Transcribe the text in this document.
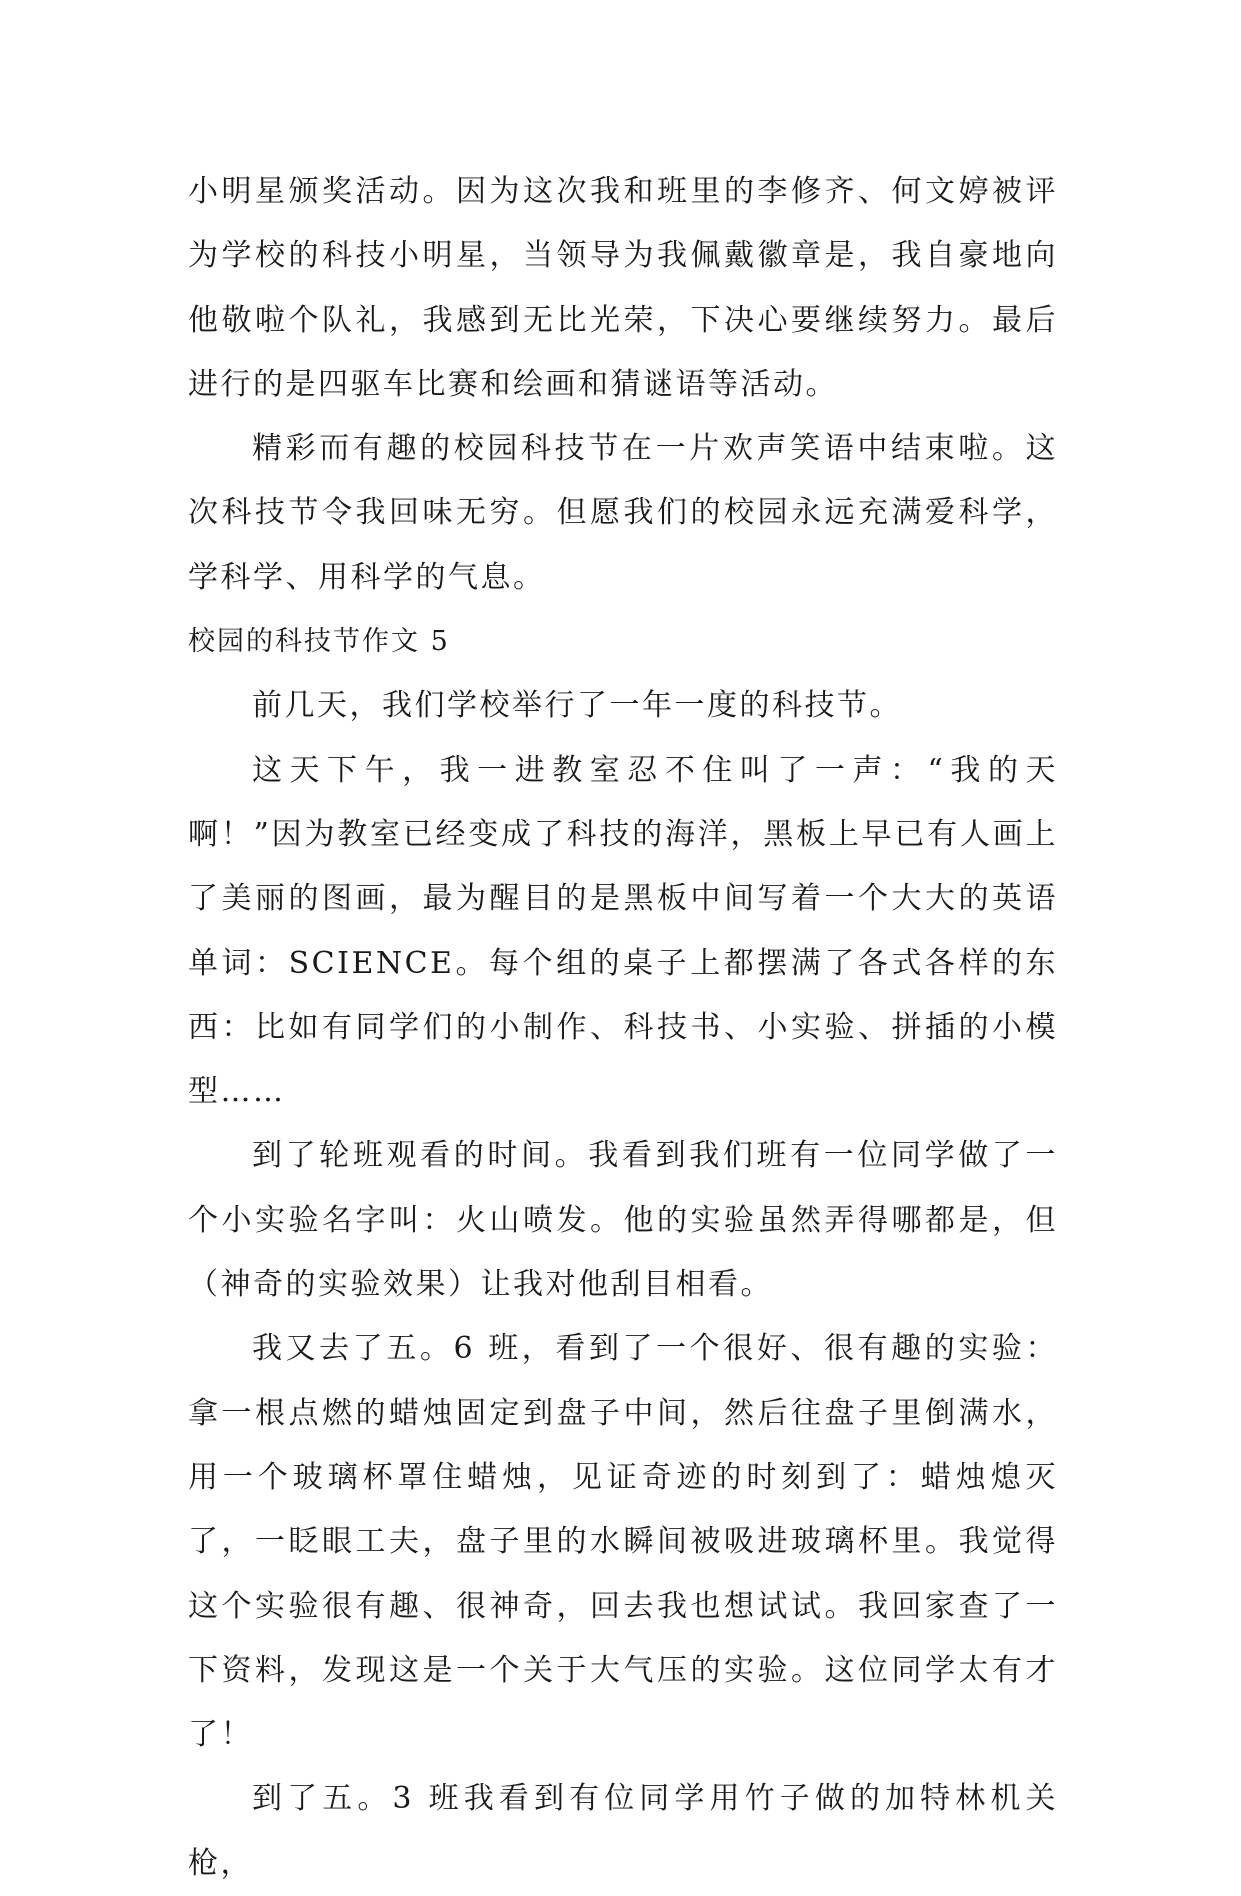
小明星颁奖活动。因为这次我和班里的李修齐、何文婷被评为学校的科技小明星，当领导为我佩戴徽章是，我自豪地向他敬啦个队礼，我感到无比光荣，下决心要继续努力。最后进行的是四驱车比赛和绘画和猜谜语等活动。

精彩而有趣的校园科技节在一片欢声笑语中结束啦。这次科技节令我回味无穷。但愿我们的校园永远充满爱科学，学科学、用科学的气息。

校园的科技节作文 5

前几天，我们学校举行了一年一度的科技节。

这天下午，我一进教室忍不住叫了一声：“我的天啊！”因为教室已经变成了科技的海洋，黑板上早已有人画上了美丽的图画，最为醒目的是黑板中间写着一个大大的英语单词：SCIENCE。每个组的桌子上都摆满了各式各样的东西：比如有同学们的小制作、科技书、小实验、拼插的小模型……

到了轮班观看的时间。我看到我们班有一位同学做了一个小实验名字叫：火山喷发。他的实验虽然弄得哪都是，但（神奇的实验效果）让我对他刮目相看。

我又去了五。6 班，看到了一个很好、很有趣的实验：拿一根点燃的蜡烛固定到盘子中间，然后往盘子里倒满水，用一个玻璃杯罩住蜡烛，见证奇迹的时刻到了：蜡烛熄灭了，一眨眼工夫，盘子里的水瞬间被吸进玻璃杯里。我觉得这个实验很有趣、很神奇，回去我也想试试。我回家查了一下资料，发现这是一个关于大气压的实验。这位同学太有才了！

到了五。3 班我看到有位同学用竹子做的加特林机关枪，
